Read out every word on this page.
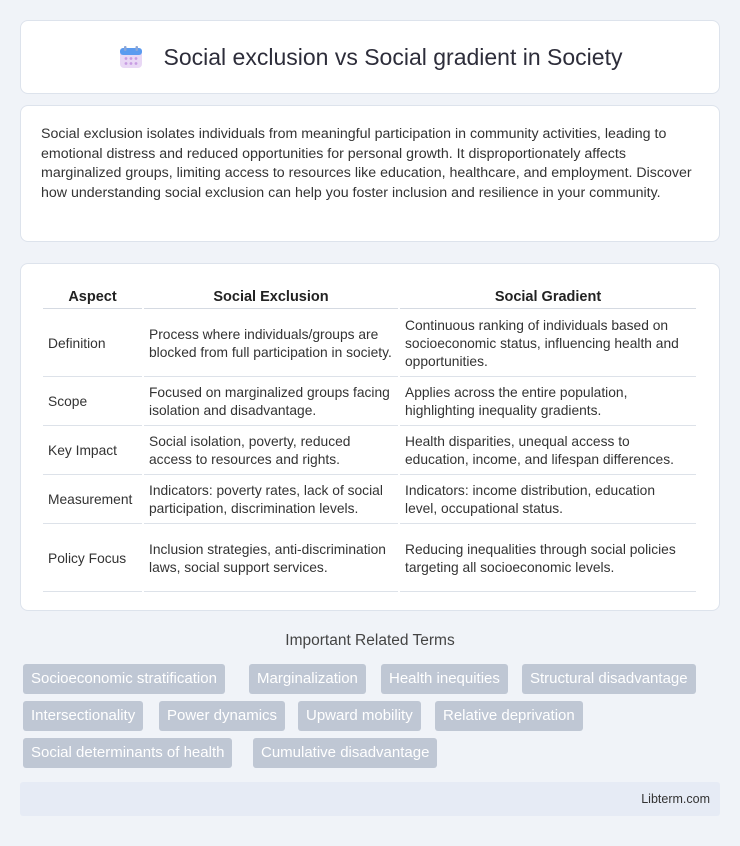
Social exclusion vs Social gradient in Society

Social exclusion isolates individuals from meaningful participation in community activities, leading to emotional distress and reduced opportunities for personal growth. It disproportionately affects marginalized groups, limiting access to resources like education, healthcare, and employment. Discover how understanding social exclusion can help you foster inclusion and resilience in your community.

Aspect	Social Exclusion	Social Gradient
Definition	Process where individuals/groups are blocked from full participation in society.	Continuous ranking of individuals based on socioeconomic status, influencing health and opportunities.
Scope	Focused on marginalized groups facing isolation and disadvantage.	Applies across the entire population, highlighting inequality gradients.
Key Impact	Social isolation, poverty, reduced access to resources and rights.	Health disparities, unequal access to education, income, and lifespan differences.
Measurement	Indicators: poverty rates, lack of social participation, discrimination levels.	Indicators: income distribution, education level, occupational status.
Policy Focus	Inclusion strategies, anti-discrimination laws, social support services.	Reducing inequalities through social policies targeting all socioeconomic levels.
Important Related Terms
Socioeconomic stratification	Marginalization	Health inequities	Structural disadvantage
Intersectionality	Power dynamics	Upward mobility	Relative deprivation
Social determinants of health	Cumulative disadvantage
Libterm.com
